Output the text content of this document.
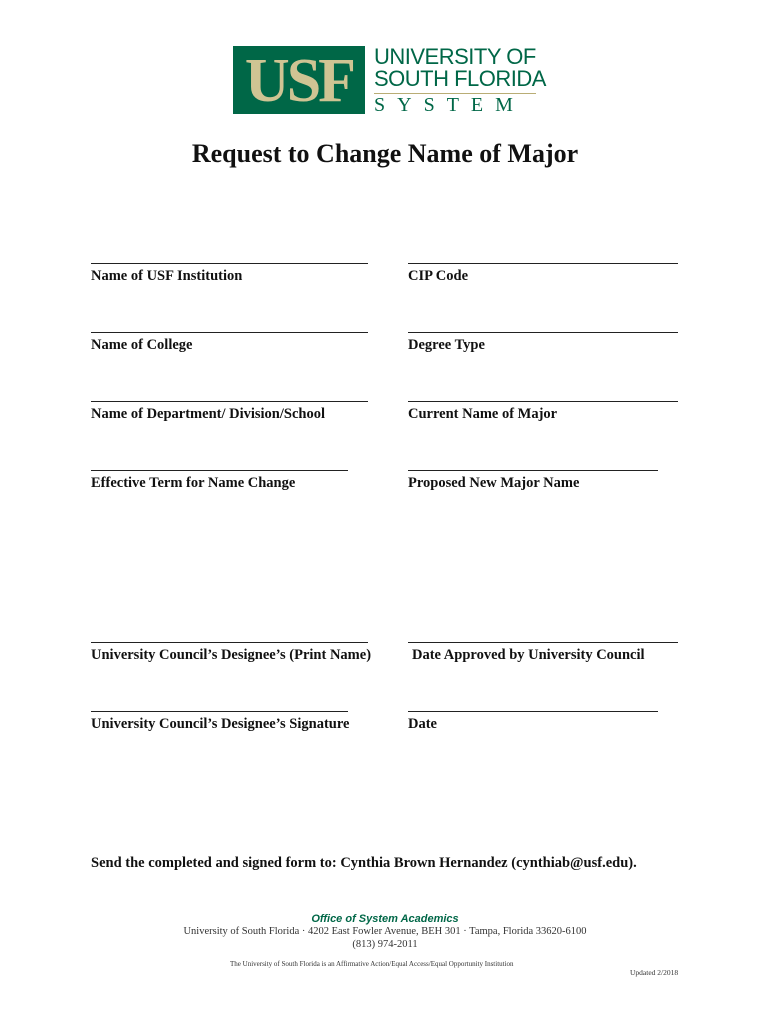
USF UNIVERSITY OF
SOUTH FLORIDA
SYSTEM
Request to Change Name of Major
Name of USF Institution	CIP Code
Name of College	Degree Type
Name of Department/ Division/School	Current Name of Major
Effective Term for Name Change	Proposed New Major Name
University Council’s Designee’s (Print Name)	Date Approved by University Council
University Council’s Designee’s Signature	Date
Send the completed and signed form to: Cynthia Brown Hernandez (cynthiab@usf.edu).
Office of System Academics
University of South Florida · 4202 East Fowler Avenue, BEH 301 · Tampa, Florida 33620-6100
(813) 974-2011
The University of South Florida is an Affirmative Action/Equal Access/Equal Opportunity Institution
Updated 2/2018
